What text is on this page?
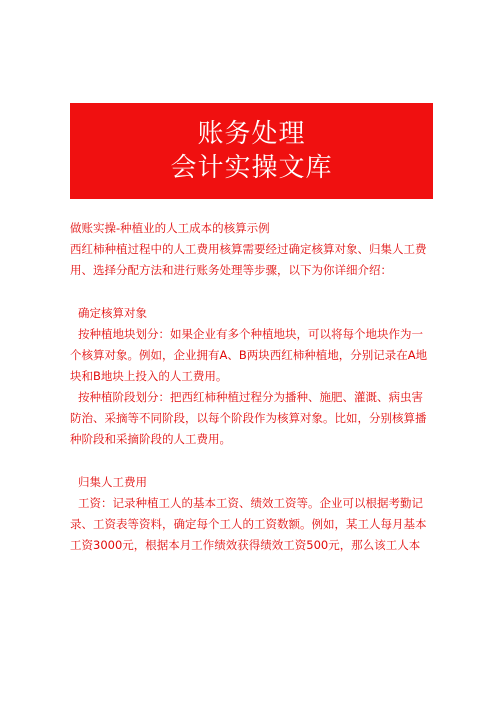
账务处理
会计实操文库
做账实操-种植业的人工成本的核算示例
西红柿种植过程中的人工费用核算需要经过确定核算对象、归集人工费
用、选择分配方法和进行账务处理等步骤，以下为你详细介绍：
确定核算对象
按种植地块划分：如果企业有多个种植地块，可以将每个地块作为一
个核算对象。例如，企业拥有A、B两块西红柿种植地，分别记录在A地
块和B地块上投入的人工费用。
按种植阶段划分：把西红柿种植过程分为播种、施肥、灌溉、病虫害
防治、采摘等不同阶段，以每个阶段作为核算对象。比如，分别核算播
种阶段和采摘阶段的人工费用。
归集人工费用
工资：记录种植工人的基本工资、绩效工资等。企业可以根据考勤记
录、工资表等资料，确定每个工人的工资数额。例如，某工人每月基本
工资3000元，根据本月工作绩效获得绩效工资500元，那么该工人本
